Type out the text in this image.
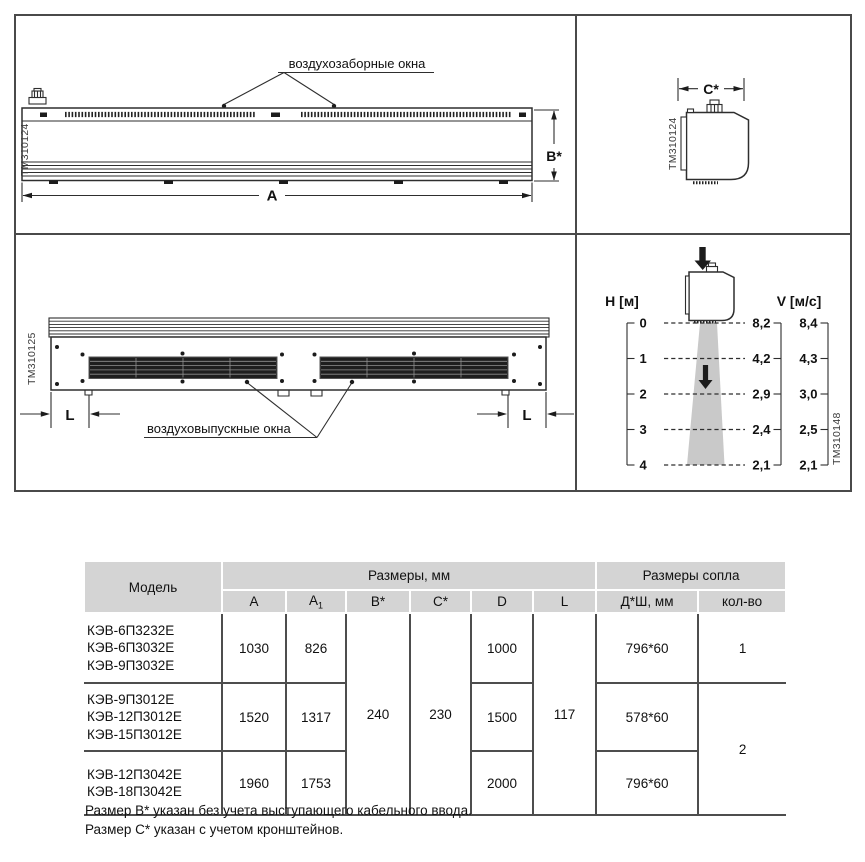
воздухозаборные окна
TM310124	B*
A
C*
TM310124
TM310125
L	L
воздуховыпускные окна
H [м]	V [м/с]
0
1
2
3
4
8,2
4,2
2,9
2,4
2,1
8,4
4,3
3,0
2,5
2,1 TM310148
Модель	Размеры, мм						Размеры сопла	
	A	$A_1$	B*	C*	D	L	Д*Ш, мм	кол-во

КЭВ-6П3232Е
КЭВ-6П3032Е
КЭВ-9П3032Е	1030	826	240	230	1000	117	796*60	1

КЭВ-9П3012Е
КЭВ-12П3012Е
КЭВ-15П3012Е	1520	1317			1500		578*60	2

КЭВ-12П3042Е
КЭВ-18П3042Е	1960	1753			2000		796*60	
Размер В* указан без учета выступающего кабельного ввода.
Размер С* указан с учетом кронштейнов.
